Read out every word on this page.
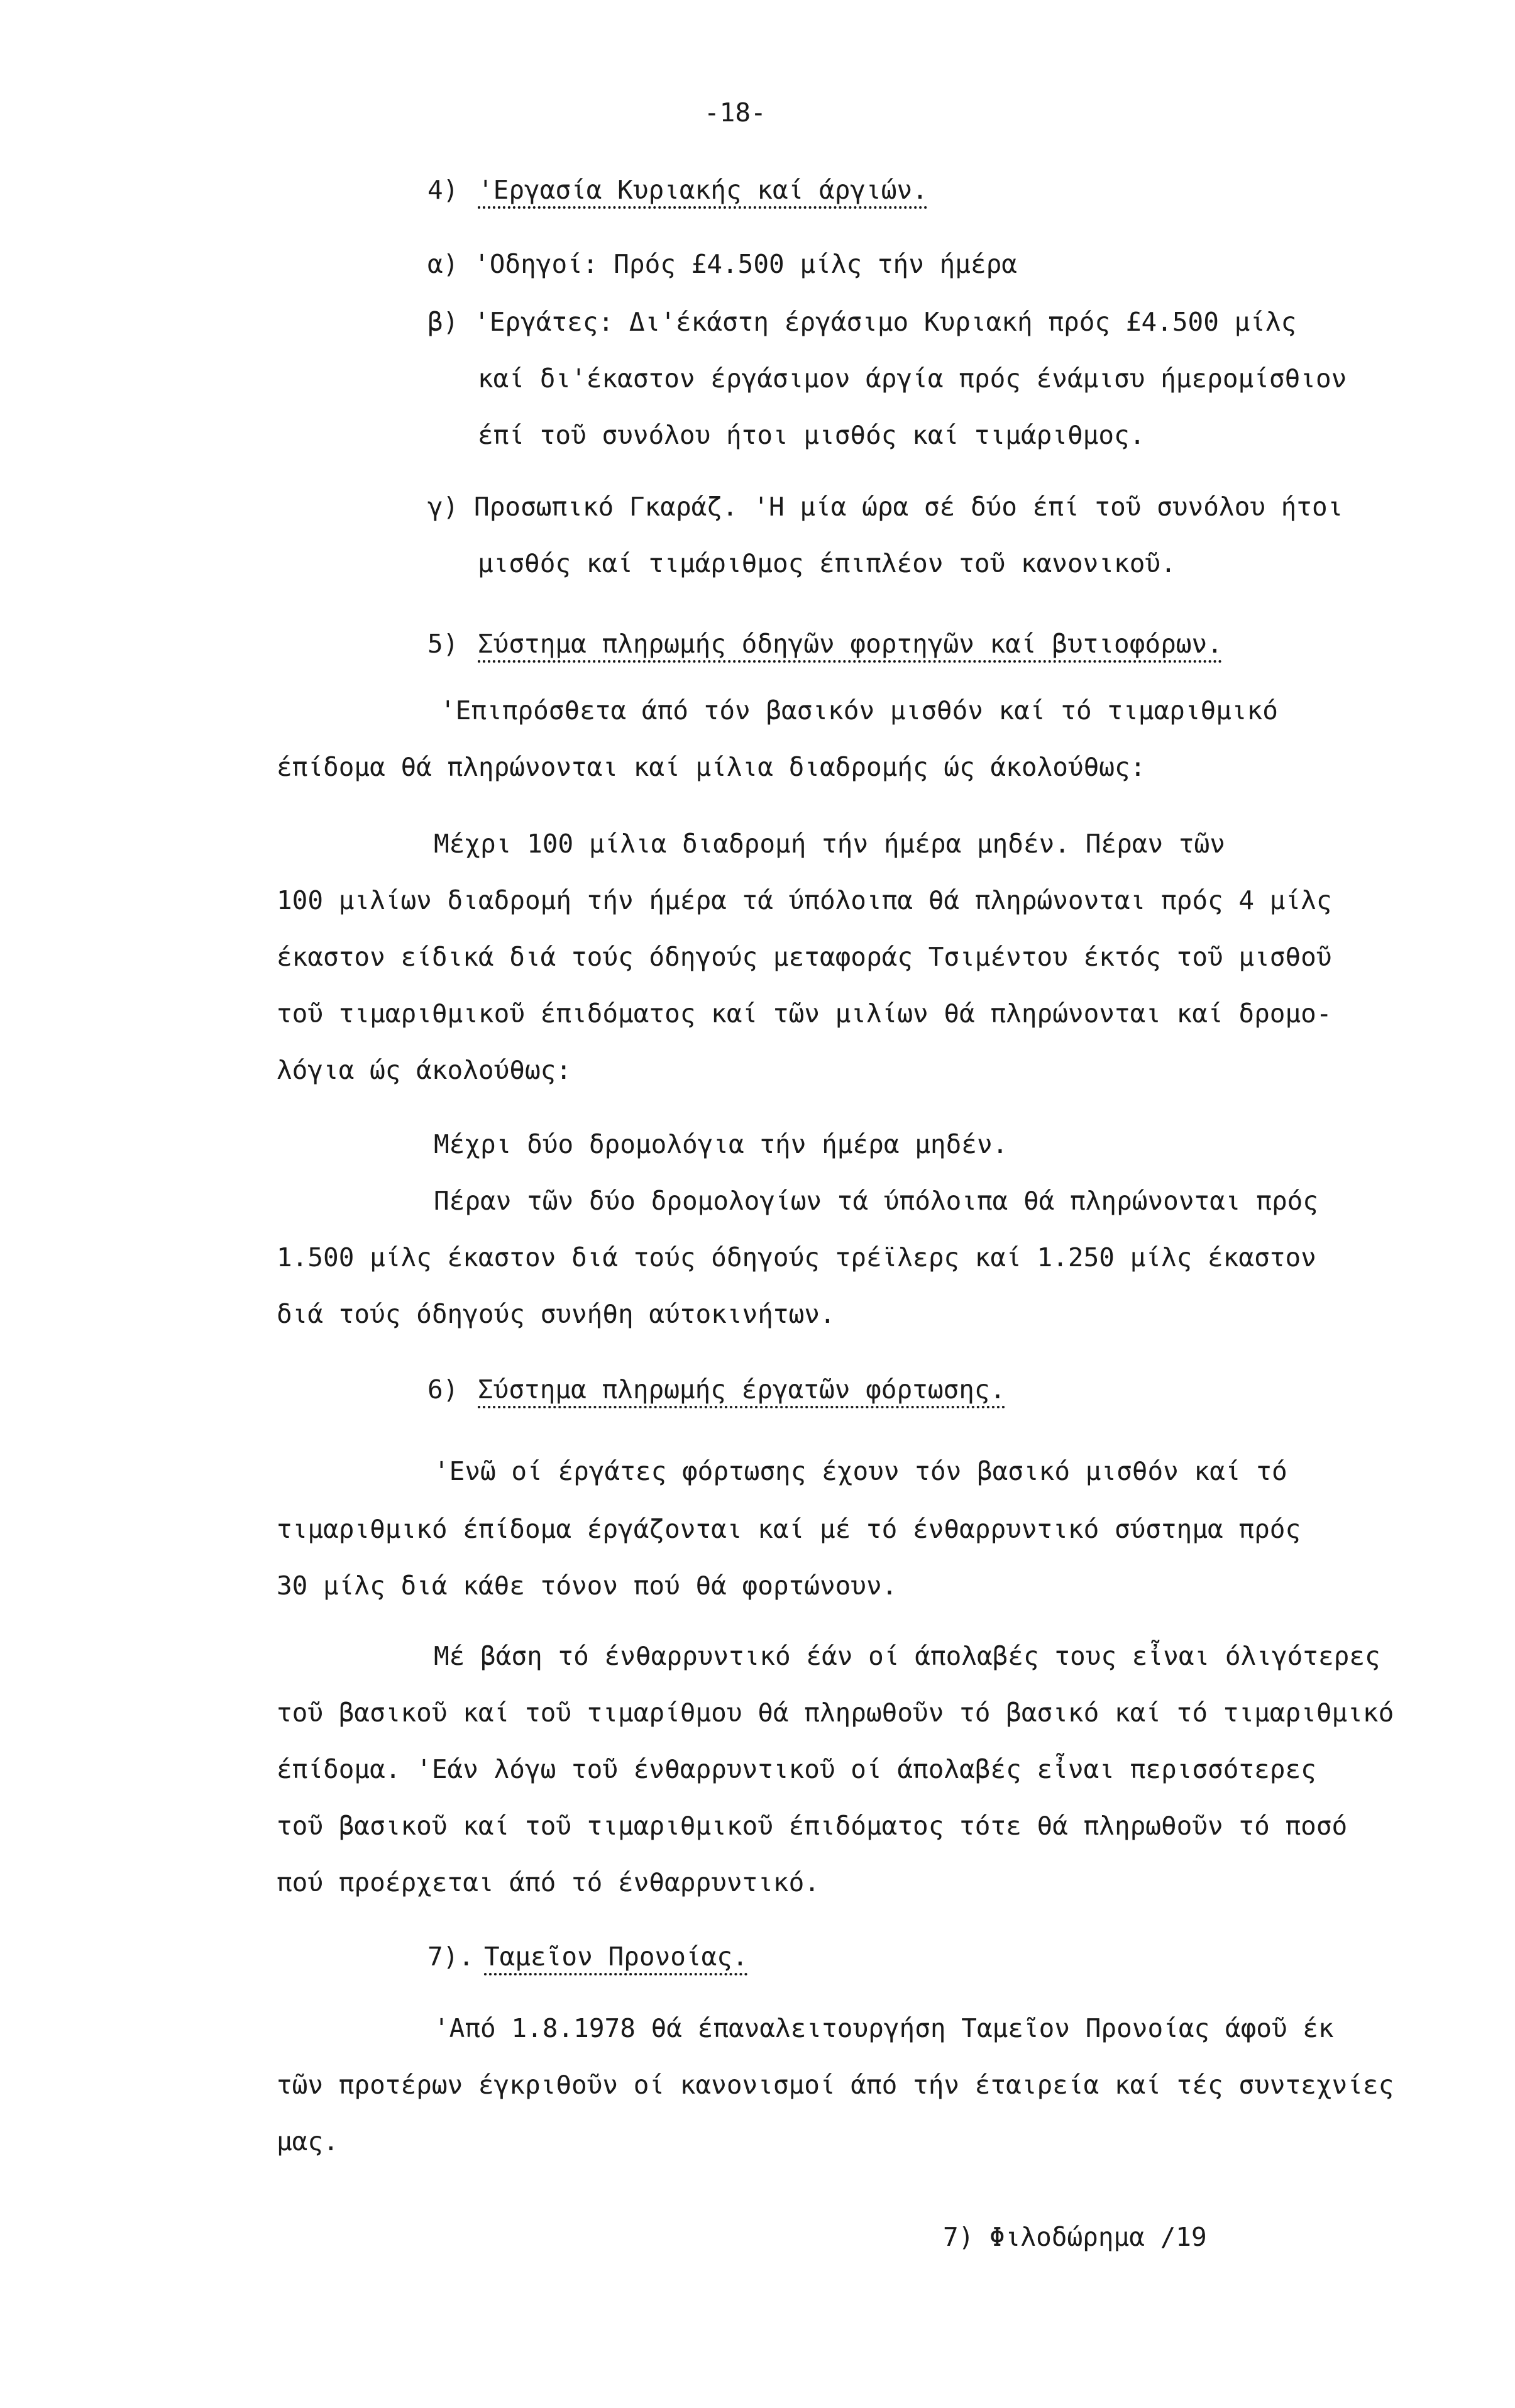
-18-
4) 'Εργασία Κυριακής καί άργιών.
α) 'Οδηγοί: Πρός £4.500 μίλς τήν ήμέρα
β) 'Εργάτες: Δι'έκάστη έργάσιμο Κυριακή πρός £4.500 μίλς
καί δι'έκαστον έργάσιμον άργία πρός ένάμισυ ήμερομίσθιον
έπί τοῦ συνόλου ήτοι μισθός καί τιμάριθμος.
γ) Προσωπικό Γκαράζ. 'Η μία ώρα σέ δύο έπί τοῦ συνόλου ήτοι
μισθός καί τιμάριθμος έπιπλέον τοῦ κανονικοῦ.
5) Σύστημα πληρωμής όδηγῶν φορτηγῶν καί βυτιοφόρων.
'Επιπρόσθετα άπό τόν βασικόν μισθόν καί τό τιμαριθμικό
έπίδομα θά πληρώνονται καί μίλια διαδρομής ώς άκολούθως:
Μέχρι 100 μίλια διαδρομή τήν ήμέρα μηδέν. Πέραν τῶν
100 μιλίων διαδρομή τήν ήμέρα τά ύπόλοιπα θά πληρώνονται πρός 4 μίλς
έκαστον είδικά διά τούς όδηγούς μεταφοράς Τσιμέντου έκτός τοῦ μισθοῦ
τοῦ τιμαριθμικοῦ έπιδόματος καί τῶν μιλίων θά πληρώνονται καί δρομο-
λόγια ώς άκολούθως:
Μέχρι δύο δρομολόγια τήν ήμέρα μηδέν.
Πέραν τῶν δύο δρομολογίων τά ύπόλοιπα θά πληρώνονται πρός
1.500 μίλς έκαστον διά τούς όδηγούς τρέϊλερς καί 1.250 μίλς έκαστον
διά τούς όδηγούς συνήθη αύτοκινήτων.
6) Σύστημα πληρωμής έργατῶν φόρτωσης.
'Ενῶ οί έργάτες φόρτωσης έχουν τόν βασικό μισθόν καί τό
τιμαριθμικό έπίδομα έργάζονται καί μέ τό ένθαρρυντικό σύστημα πρός
30 μίλς διά κάθε τόνον πού θά φορτώνουν.
Μέ βάση τό ένθαρρυντικό έάν οί άπολαβές τους εἶναι όλιγότερες
τοῦ βασικοῦ καί τοῦ τιμαρίθμου θά πληρωθοῦν τό βασικό καί τό τιμαριθμικό
έπίδομα. 'Εάν λόγω τοῦ ένθαρρυντικοῦ οί άπολαβές εἶναι περισσότερες
τοῦ βασικοῦ καί τοῦ τιμαριθμικοῦ έπιδόματος τότε θά πληρωθοῦν τό ποσό
πού προέρχεται άπό τό ένθαρρυντικό.
7). Ταμεῖον Προνοίας.
'Από 1.8.1978 θά έπαναλειτουργήση Ταμεῖον Προνοίας άφοῦ έκ
τῶν προτέρων έγκριθοῦν οί κανονισμοί άπό τήν έταιρεία καί τές συντεχνίες
μας.
7) Φιλοδώρημα /19
